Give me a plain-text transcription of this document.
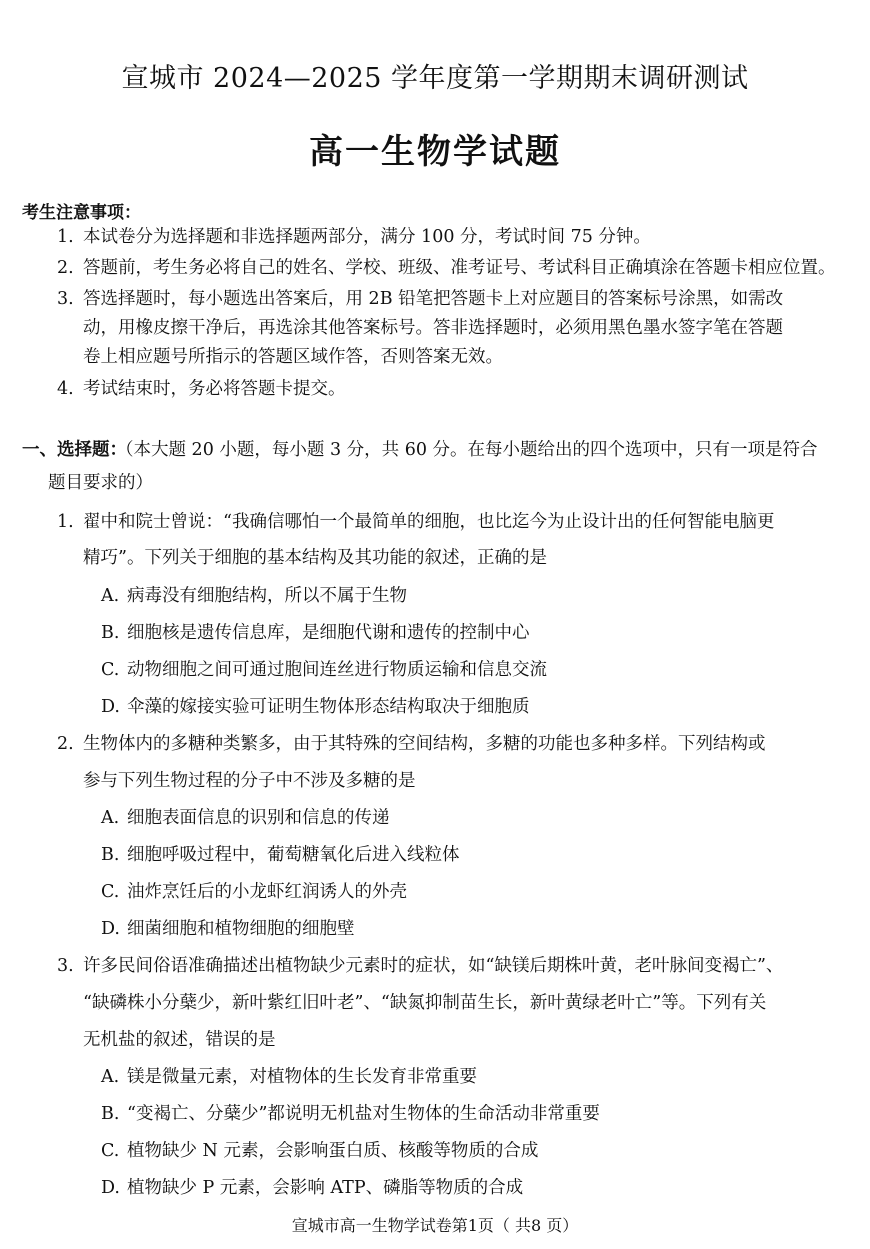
宣城市 2024—2025 学年度第一学期期末调研测试
高一生物学试题
考生注意事项：
1. 本试卷分为选择题和非选择题两部分，满分 100 分，考试时间 75 分钟。
2. 答题前，考生务必将自己的姓名、学校、班级、准考证号、考试科目正确填涂在答题卡相应位置。
3. 答选择题时，每小题选出答案后，用 2B 铅笔把答题卡上对应题目的答案标号涂黑，如需改
动，用橡皮擦干净后，再选涂其他答案标号。答非选择题时，必须用黑色墨水签字笔在答题
卷上相应题号所指示的答题区域作答，否则答案无效。
4. 考试结束时，务必将答题卡提交。
一、选择题：
（本大题 20 小题，每小题 3 分，共 60 分。在每小题给出的四个选项中，只有一项是符合
题目要求的）
1. 翟中和院士曾说：“我确信哪怕一个最简单的细胞，也比迄今为止设计出的任何智能电脑更
精巧”。下列关于细胞的基本结构及其功能的叙述，正确的是
A. 病毒没有细胞结构，所以不属于生物
B. 细胞核是遗传信息库，是细胞代谢和遗传的控制中心
C. 动物细胞之间可通过胞间连丝进行物质运输和信息交流
D. 伞藻的嫁接实验可证明生物体形态结构取决于细胞质
2. 生物体内的多糖种类繁多，由于其特殊的空间结构，多糖的功能也多种多样。下列结构或
参与下列生物过程的分子中不涉及多糖的是
A. 细胞表面信息的识别和信息的传递
B. 细胞呼吸过程中，葡萄糖氧化后进入线粒体
C. 油炸烹饪后的小龙虾红润诱人的外壳
D. 细菌细胞和植物细胞的细胞壁
3. 许多民间俗语准确描述出植物缺少元素时的症状，如“缺镁后期株叶黄，老叶脉间变褐亡”、
“缺磷株小分蘖少，新叶紫红旧叶老”、“缺氮抑制苗生长，新叶黄绿老叶亡”等。下列有关
无机盐的叙述，错误的是
A. 镁是微量元素，对植物体的生长发育非常重要
B. “变褐亡、分蘖少”都说明无机盐对生物体的生命活动非常重要
C. 植物缺少 N 元素，会影响蛋白质、核酸等物质的合成
D. 植物缺少 P 元素，会影响 ATP、磷脂等物质的合成
宣城市高一生物学试卷第1页（ 共8 页）
